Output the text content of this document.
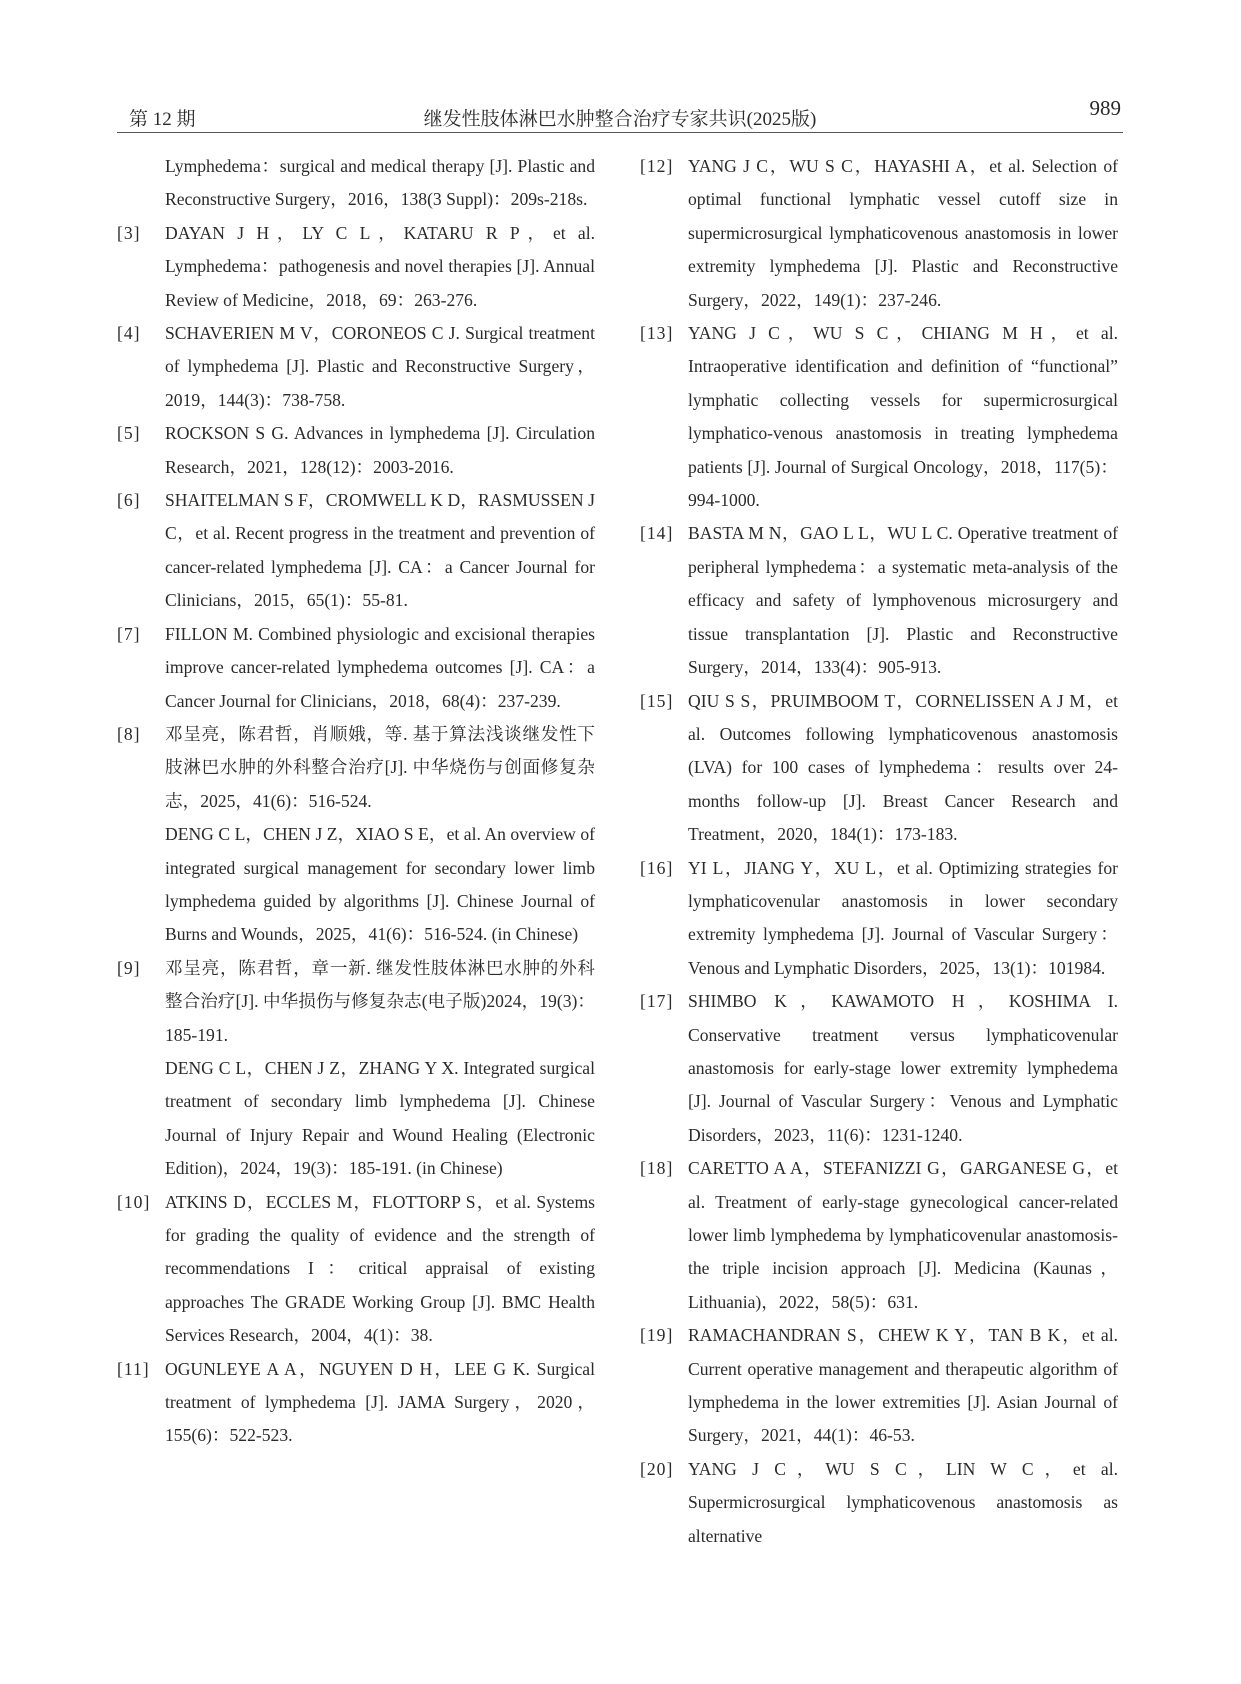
第 12 期	继发性肢体淋巴水肿整合治疗专家共识(2025版)	989
Lymphedema：surgical and medical therapy [J]. Plastic and Reconstructive Surgery，2016，138(3 Suppl)：209s-218s.
[3]	DAYAN J H，LY C L，KATARU R P，et al. Lymphedema：pathogenesis and novel therapies [J]. Annual Review of Medicine，2018，69：263-276.
[4]	SCHAVERIEN M V，CORONEOS C J. Surgical treatment of lymphedema [J]. Plastic and Reconstructive Surgery，2019，144(3)：738-758.
[5]	ROCKSON S G. Advances in lymphedema [J]. Circulation Research，2021，128(12)：2003-2016.
[6]	SHAITELMAN S F，CROMWELL K D，RASMUSSEN J C，et al. Recent progress in the treatment and prevention of cancer-related lymphedema [J]. CA：a Cancer Journal for Clinicians，2015，65(1)：55-81.
[7]	FILLON M. Combined physiologic and excisional therapies improve cancer-related lymphedema outcomes [J]. CA：a Cancer Journal for Clinicians，2018，68(4)：237-239.
[8]	邓呈亮，陈君哲，肖顺娥，等. 基于算法浅谈继发性下肢淋巴水肿的外科整合治疗[J]. 中华烧伤与创面修复杂志，2025，41(6)：516-524.
DENG C L，CHEN J Z，XIAO S E，et al. An overview of integrated surgical management for secondary lower limb lymphedema guided by algorithms [J]. Chinese Journal of Burns and Wounds，2025，41(6)：516-524. (in Chinese)
[9]	邓呈亮，陈君哲，章一新. 继发性肢体淋巴水肿的外科整合治疗[J]. 中华损伤与修复杂志(电子版)2024，19(3)：185-191.
DENG C L，CHEN J Z，ZHANG Y X. Integrated surgical treatment of secondary limb lymphedema [J]. Chinese Journal of Injury Repair and Wound Healing (Electronic Edition)，2024，19(3)：185-191. (in Chinese)
[10] ATKINS D，ECCLES M，FLOTTORP S，et al. Systems for grading the quality of evidence and the strength of recommendations I：critical appraisal of existing approaches The GRADE Working Group [J]. BMC Health Services Research，2004，4(1)：38.
[11] OGUNLEYE A A，NGUYEN D H，LEE G K. Surgical treatment of lymphedema [J]. JAMA Surgery，2020，155(6)：522-523.
[12] YANG J C，WU S C，HAYASHI A，et al. Selection of optimal functional lymphatic vessel cutoff size in supermicrosurgical lymphaticovenous anastomosis in lower extremity lymphedema [J]. Plastic and Reconstructive Surgery，2022，149(1)：237-246.
[13] YANG J C，WU S C，CHIANG M H，et al. Intraoperative identification and definition of “functional” lymphatic collecting vessels for supermicrosurgical lymphatico-venous anastomosis in treating lymphedema patients [J]. Journal of Surgical Oncology，2018，117(5)：994-1000.
[14] BASTA M N，GAO L L，WU L C. Operative treatment of peripheral lymphedema：a systematic meta-analysis of the efficacy and safety of lymphovenous microsurgery and tissue transplantation [J]. Plastic and Reconstructive Surgery，2014，133(4)：905-913.
[15] QIU S S，PRUIMBOOM T，CORNELISSEN A J M，et al. Outcomes following lymphaticovenous anastomosis (LVA) for 100 cases of lymphedema：results over 24-months follow-up [J]. Breast Cancer Research and Treatment，2020，184(1)：173-183.
[16] YI L，JIANG Y，XU L，et al. Optimizing strategies for lymphaticovenular anastomosis in lower secondary extremity lymphedema [J]. Journal of Vascular Surgery：Venous and Lymphatic Disorders，2025，13(1)：101984.
[17] SHIMBO K，KAWAMOTO H，KOSHIMA I. Conservative treatment versus lymphaticovenular anastomosis for early-stage lower extremity lymphedema [J]. Journal of Vascular Surgery：Venous and Lymphatic Disorders，2023，11(6)：1231-1240.
[18] CARETTO A A，STEFANIZZI G，GARGANESE G，et al. Treatment of early-stage gynecological cancer-related lower limb lymphedema by lymphaticovenular anastomosis-the triple incision approach [J]. Medicina (Kaunas，Lithuania)，2022，58(5)：631.
[19] RAMACHANDRAN S，CHEW K Y，TAN B K，et al. Current operative management and therapeutic algorithm of lymphedema in the lower extremities [J]. Asian Journal of Surgery，2021，44(1)：46-53.
[20] YANG J C，WU S C，LIN W C，et al. Supermicrosurgical lymphaticovenous anastomosis as alternative
